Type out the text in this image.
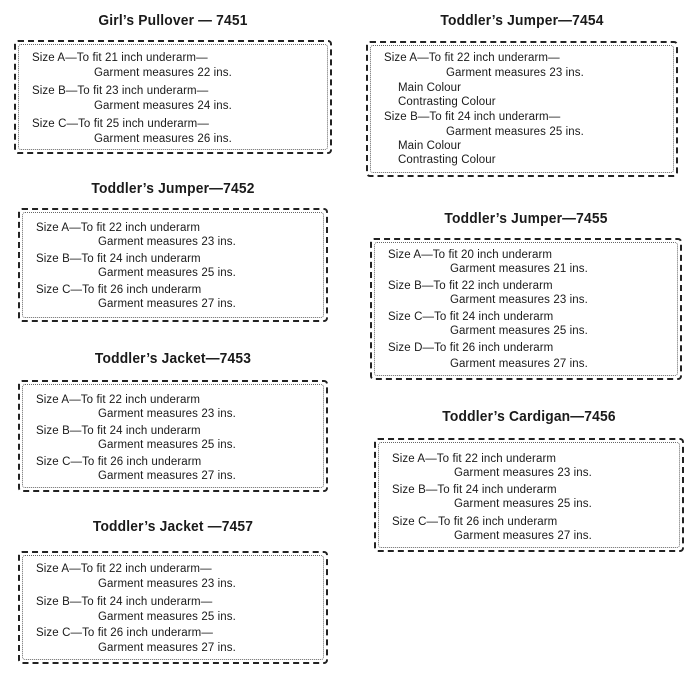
Girl’s Pullover — 7451
Size A—To fit 21 inch underarm—
Garment measures 22 ins.
Size B—To fit 23 inch underarm—
Garment measures 24 ins.
Size C—To fit 25 inch underarm—
Garment measures 26 ins.
Toddler’s Jumper—7452
Size A—To fit 22 inch underarm
Garment measures 23 ins.
Size B—To fit 24 inch underarm
Garment measures 25 ins.
Size C—To fit 26 inch underarm
Garment measures 27 ins.
Toddler’s Jacket—7453
Size A—To fit 22 inch underarm
Garment measures 23 ins.
Size B—To fit 24 inch underarm
Garment measures 25 ins.
Size C—To fit 26 inch underarm
Garment measures 27 ins.
Toddler’s Jacket —7457
Size A—To fit 22 inch underarm—
Garment measures 23 ins.
Size B—To fit 24 inch underarm—
Garment measures 25 ins.
Size C—To fit 26 inch underarm—
Garment measures 27 ins.
Toddler’s Jumper—7454
Size A—To fit 22 inch underarm—
Garment measures 23 ins.
Main Colour
Contrasting Colour
Size B—To fit 24 inch underarm—
Garment measures 25 ins.
Main Colour
Contrasting Colour
Toddler’s Jumper—7455
Size A—To fit 20 inch underarm
Garment measures 21 ins.
Size B—To fit 22 inch underarm
Garment measures 23 ins.
Size C—To fit 24 inch underarm
Garment measures 25 ins.
Size D—To fit 26 inch underarm
Garment measures 27 ins.
Toddler’s Cardigan—7456
Size A—To fit 22 inch underarm
Garment measures 23 ins.
Size B—To fit 24 inch underarm
Garment measures 25 ins.
Size C—To fit 26 inch underarm
Garment measures 27 ins.
